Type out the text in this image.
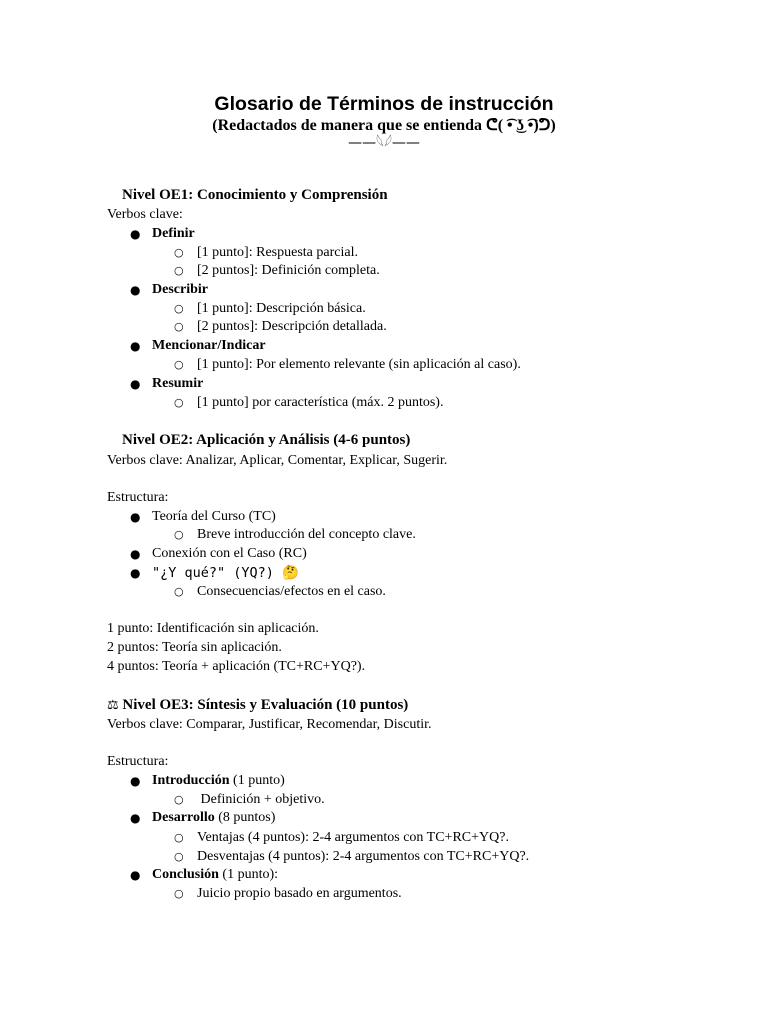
Glosario de Términos de instrucción
(Redactados de manera que se entienda ᕦ( ͡• ͜ʖ ͡•)ᕤ)
——𓆩𓆪——
Nivel OE1: Conocimiento y Comprensión
Verbos clave:
● Definir
○ [1 punto]: Respuesta parcial.
○ [2 puntos]: Definición completa.
● Describir
○ [1 punto]: Descripción básica.
○ [2 puntos]: Descripción detallada.
● Mencionar/Indicar
○ [1 punto]: Por elemento relevante (sin aplicación al caso).
● Resumir
○ [1 punto] por característica (máx. 2 puntos).
Nivel OE2: Aplicación y Análisis (4-6 puntos)
Verbos clave: Analizar, Aplicar, Comentar, Explicar, Sugerir.
Estructura:
● Teoría del Curso (TC)
○ Breve introducción del concepto clave.
● Conexión con el Caso (RC)
● "¿Y qué?" (YQ?) 🤔
○ Consecuencias/efectos en el caso.
1 punto: Identificación sin aplicación.
2 puntos: Teoría sin aplicación.
4 puntos: Teoría + aplicación (TC+RC+YQ?).
⚖ Nivel OE3: Síntesis y Evaluación (10 puntos)
Verbos clave: Comparar, Justificar, Recomendar, Discutir.
Estructura:
● Introducción (1 punto)
○ Definición + objetivo.
● Desarrollo (8 puntos)
○ Ventajas (4 puntos): 2-4 argumentos con TC+RC+YQ?.
○ Desventajas (4 puntos): 2-4 argumentos con TC+RC+YQ?.
● Conclusión (1 punto):
○ Juicio propio basado en argumentos.
